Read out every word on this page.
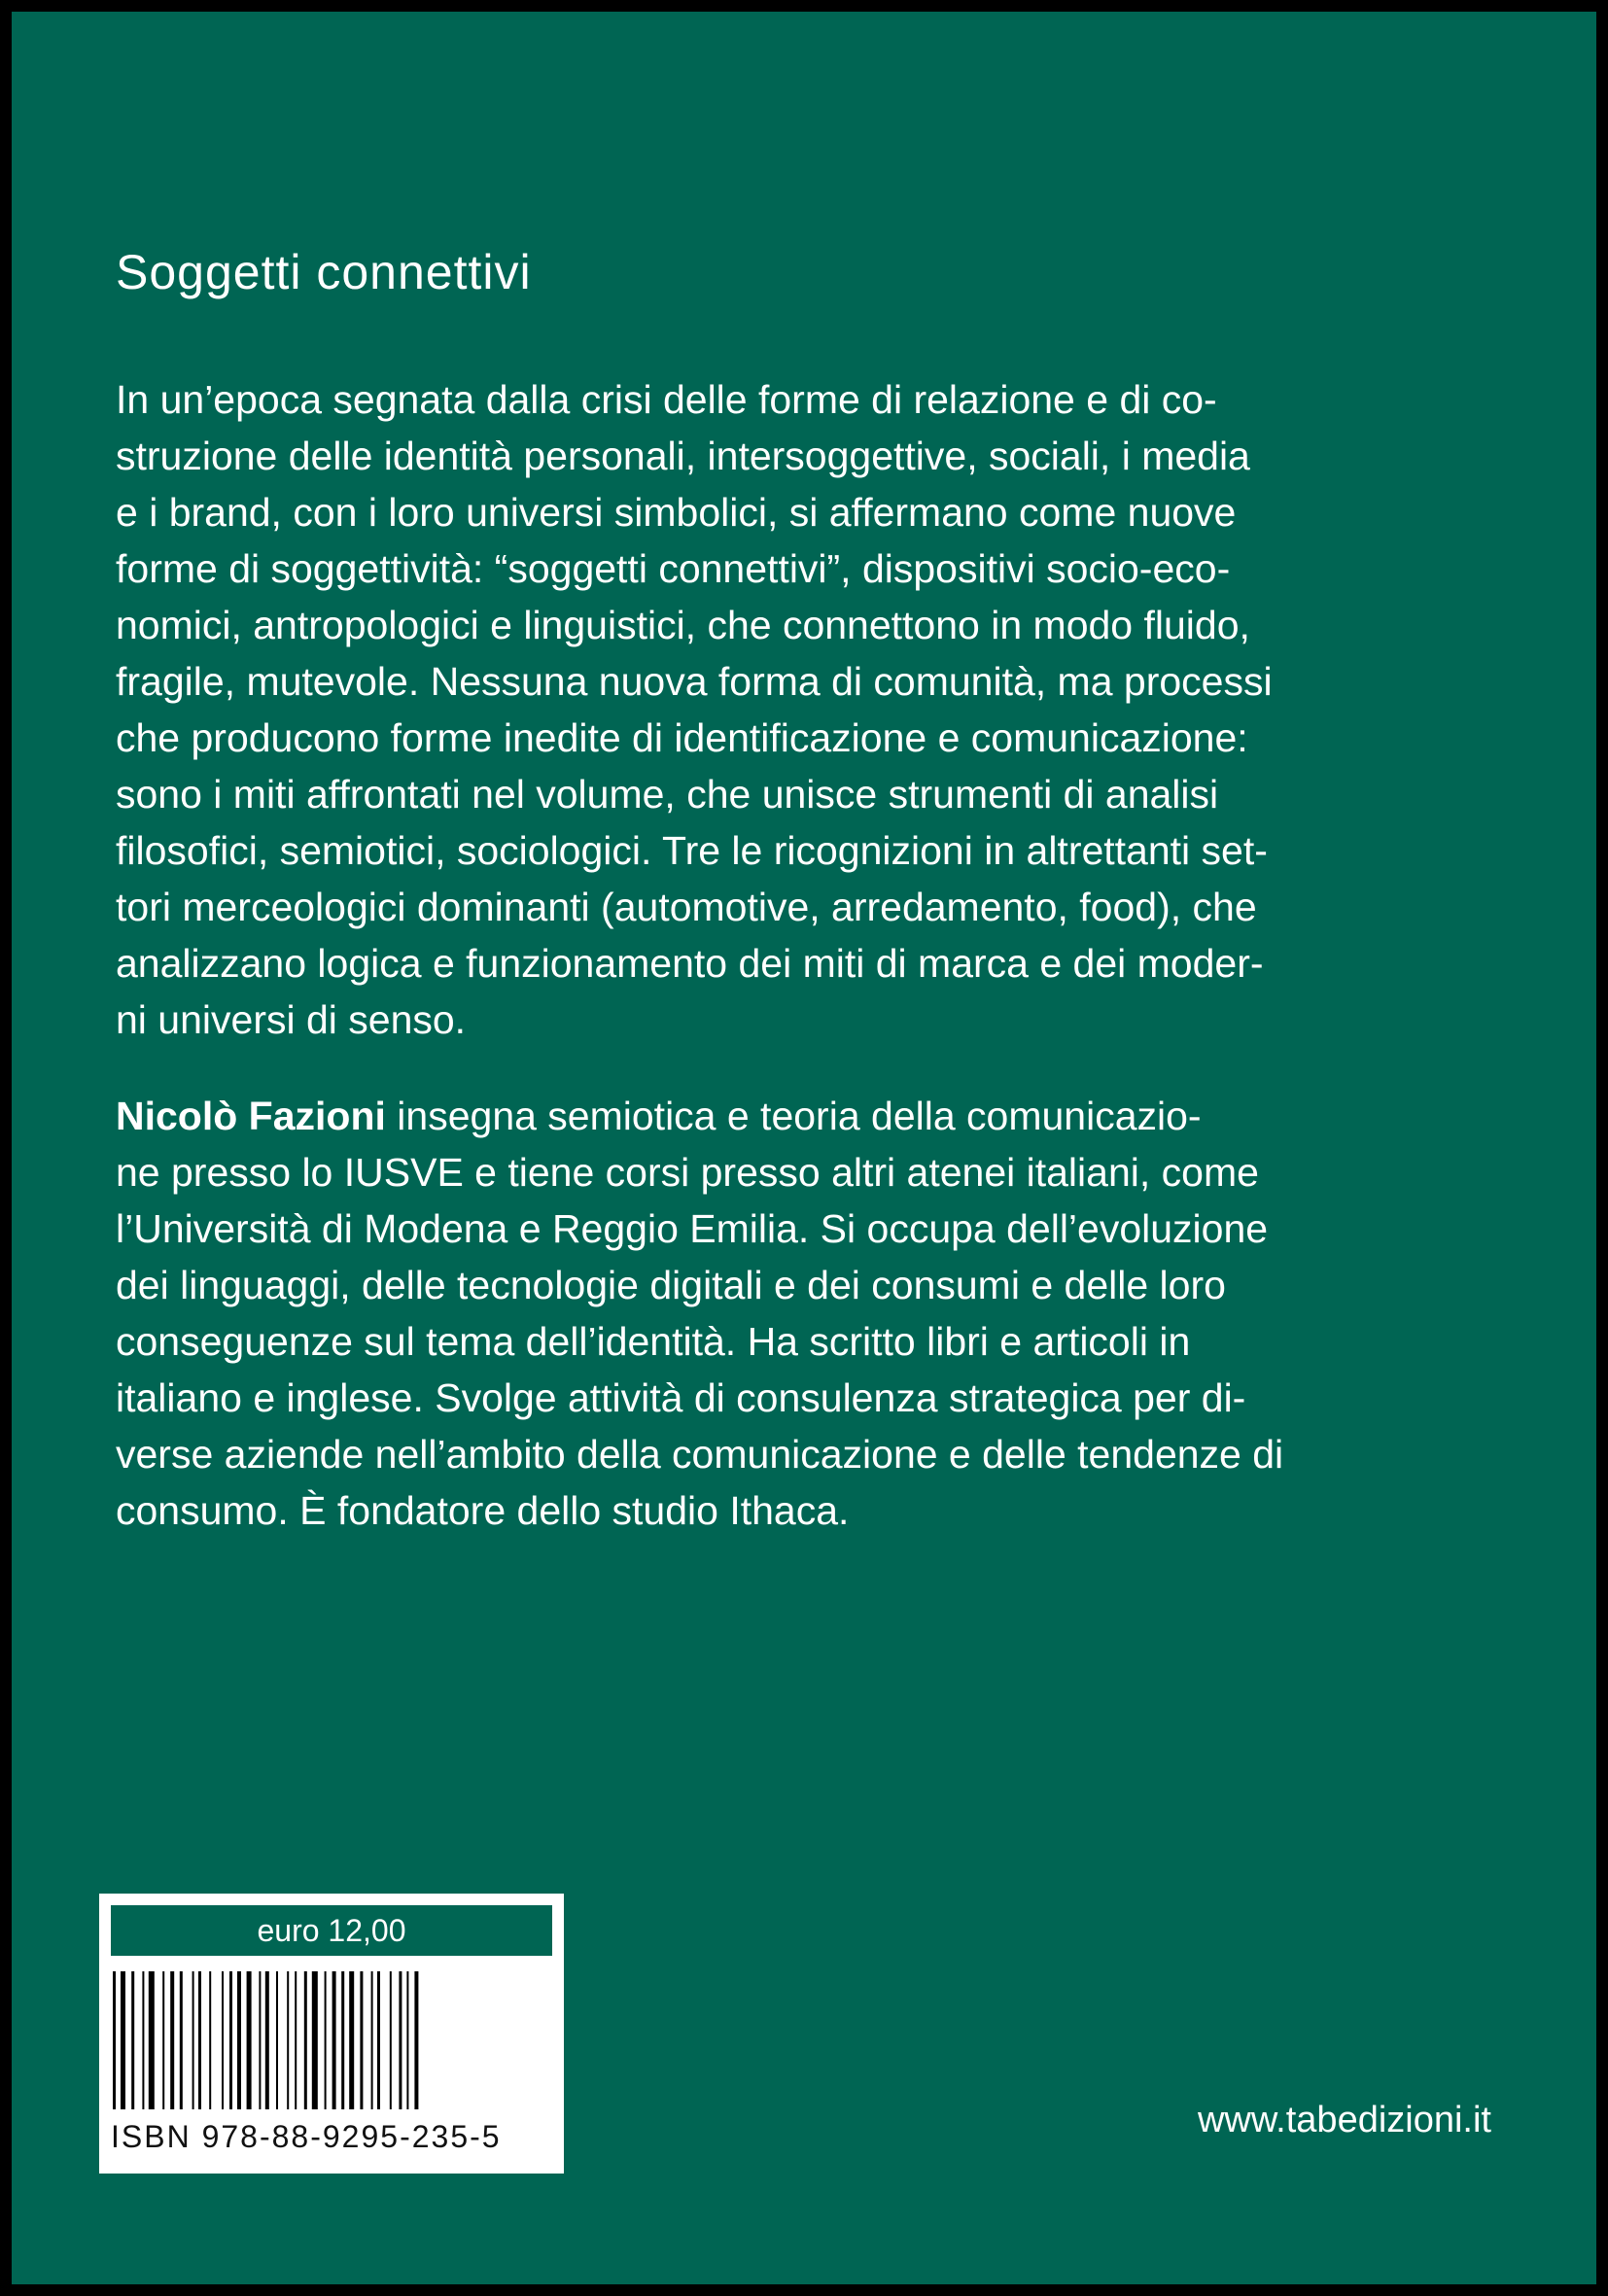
Soggetti connettivi

In un’epoca segnata dalla crisi delle forme di relazione e di co-
struzione delle identità personali, intersoggettive, sociali, i media
e i brand, con i loro universi simbolici, si affermano come nuove
forme di soggettività: “soggetti connettivi”, dispositivi socio-eco-
nomici, antropologici e linguistici, che connettono in modo fluido,
fragile, mutevole. Nessuna nuova forma di comunità, ma processi
che producono forme inedite di identificazione e comunicazione:
sono i miti affrontati nel volume, che unisce strumenti di analisi
filosofici, semiotici, sociologici. Tre le ricognizioni in altrettanti set-
tori merceologici dominanti (automotive, arredamento, food), che
analizzano logica e funzionamento dei miti di marca e dei moder-
ni universi di senso.

Nicolò Fazioni insegna semiotica e teoria della comunicazio-
ne presso lo IUSVE e tiene corsi presso altri atenei italiani, come
l’Università di Modena e Reggio Emilia. Si occupa dell’evoluzione
dei linguaggi, delle tecnologie digitali e dei consumi e delle loro
conseguenze sul tema dell’identità. Ha scritto libri e articoli in
italiano e inglese. Svolge attività di consulenza strategica per di-
verse aziende nell’ambito della comunicazione e delle tendenze di
consumo. È fondatore dello studio Ithaca.

euro 12,00
ISBN 978-88-9295-235-5	www.tabedizioni.it
